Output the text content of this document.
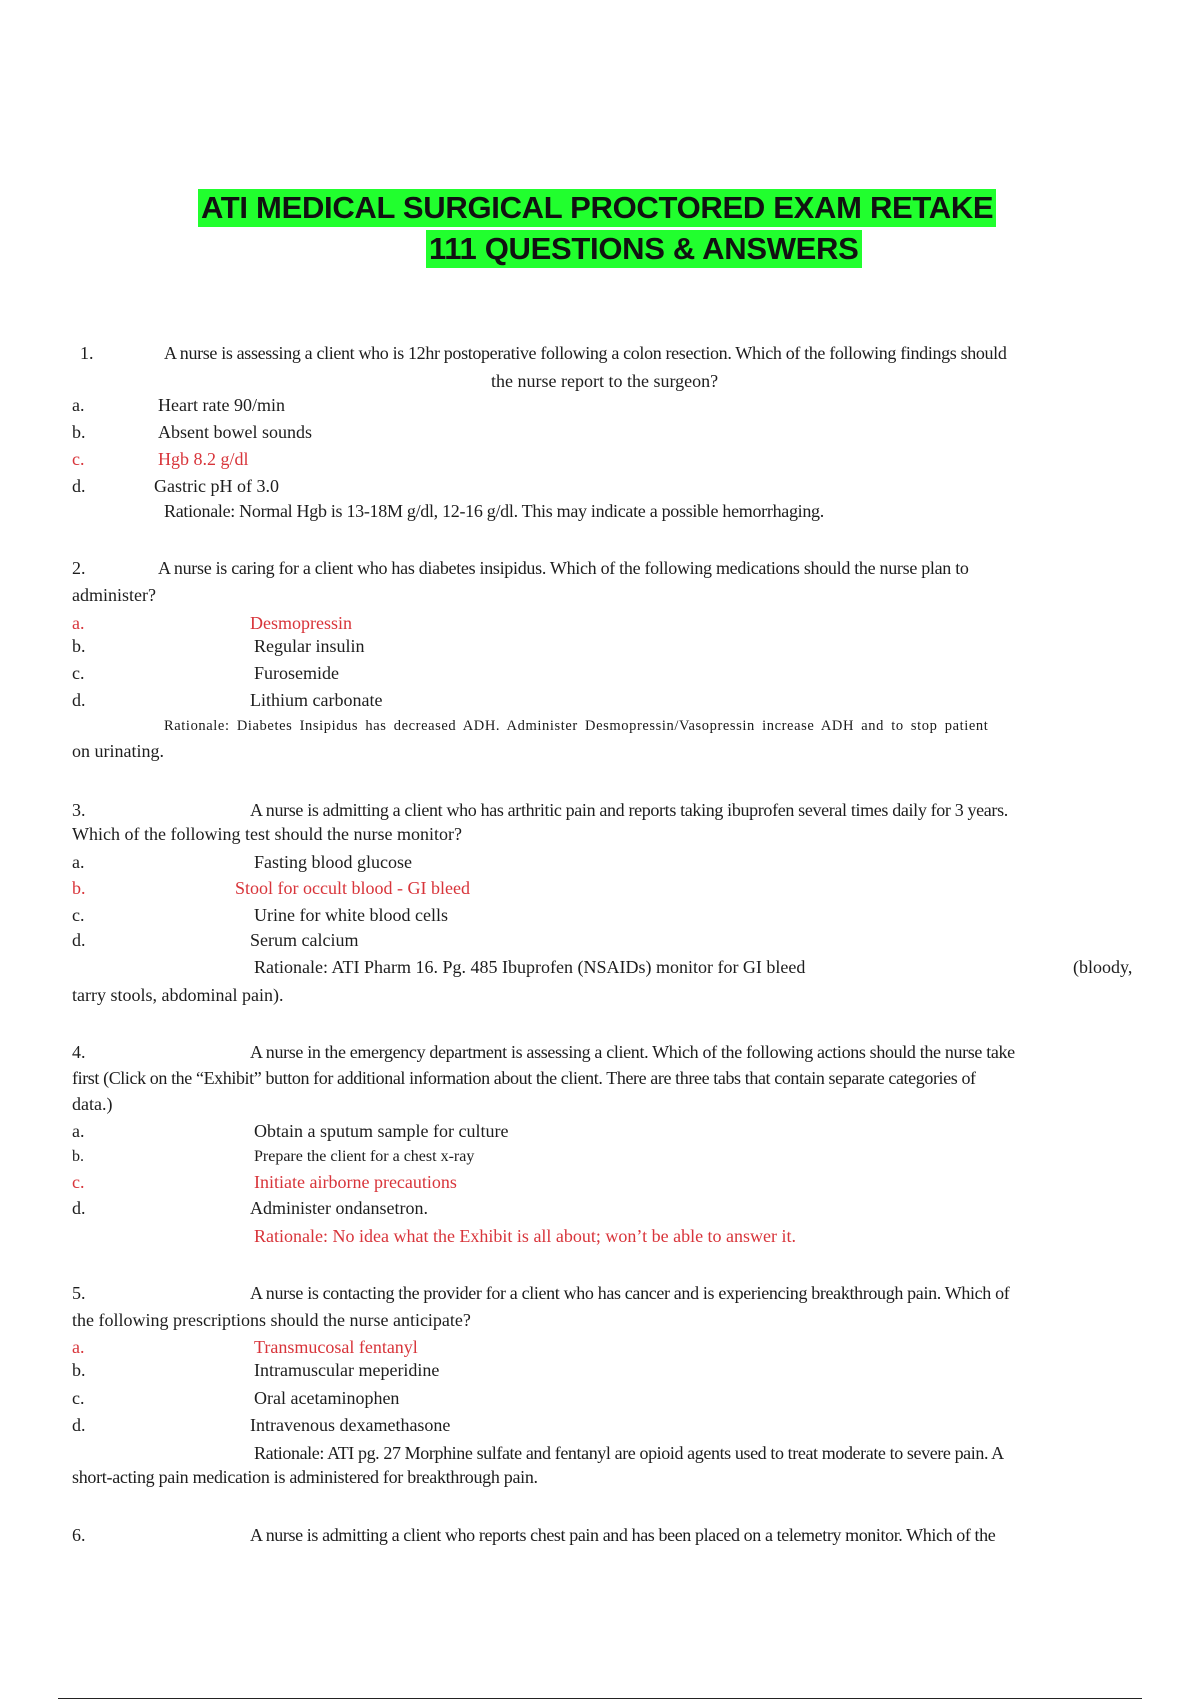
ATI MEDICAL SURGICAL PROCTORED EXAM RETAKE
111 QUESTIONS & ANSWERS
1.	A nurse is assessing a client who is 12hr postoperative following a colon resection. Which of the following findings should
the nurse report to the surgeon?
a.	Heart rate 90/min
b.	Absent bowel sounds
c.	Hgb 8.2 g/dl
d.	Gastric pH of 3.0
Rationale: Normal Hgb is 13-18M g/dl, 12-16 g/dl. This may indicate a possible hemorrhaging.
2.	A nurse is caring for a client who has diabetes insipidus. Which of the following medications should the nurse plan to
administer?
a.	Desmopressin
b.	Regular insulin
c.	Furosemide
d.	Lithium carbonate
Rationale: Diabetes Insipidus has decreased ADH. Administer Desmopressin/Vasopressin increase ADH and to stop patient
on urinating.
3.	A nurse is admitting a client who has arthritic pain and reports taking ibuprofen several times daily for 3 years.
Which of the following test should the nurse monitor?
a.	Fasting blood glucose
b.	Stool for occult blood - GI bleed
c.	Urine for white blood cells
d.	Serum calcium
Rationale: ATI Pharm 16. Pg. 485 Ibuprofen (NSAIDs) monitor for GI bleed	(bloody,
tarry stools, abdominal pain).
4.	A nurse in the emergency department is assessing a client. Which of the following actions should the nurse take
first (Click on the “Exhibit” button for additional information about the client. There are three tabs that contain separate categories of
data.)
a.	Obtain a sputum sample for culture
b.	Prepare the client for a chest x-ray
c.	Initiate airborne precautions
d.	Administer ondansetron.
Rationale: No idea what the Exhibit is all about; won’t be able to answer it.
5.	A nurse is contacting the provider for a client who has cancer and is experiencing breakthrough pain. Which of
the following prescriptions should the nurse anticipate?
a.	Transmucosal fentanyl
b.	Intramuscular meperidine
c.	Oral acetaminophen
d.	Intravenous dexamethasone
Rationale: ATI pg. 27 Morphine sulfate and fentanyl are opioid agents used to treat moderate to severe pain. A
short-acting pain medication is administered for breakthrough pain.
6.	A nurse is admitting a client who reports chest pain and has been placed on a telemetry monitor. Which of the
